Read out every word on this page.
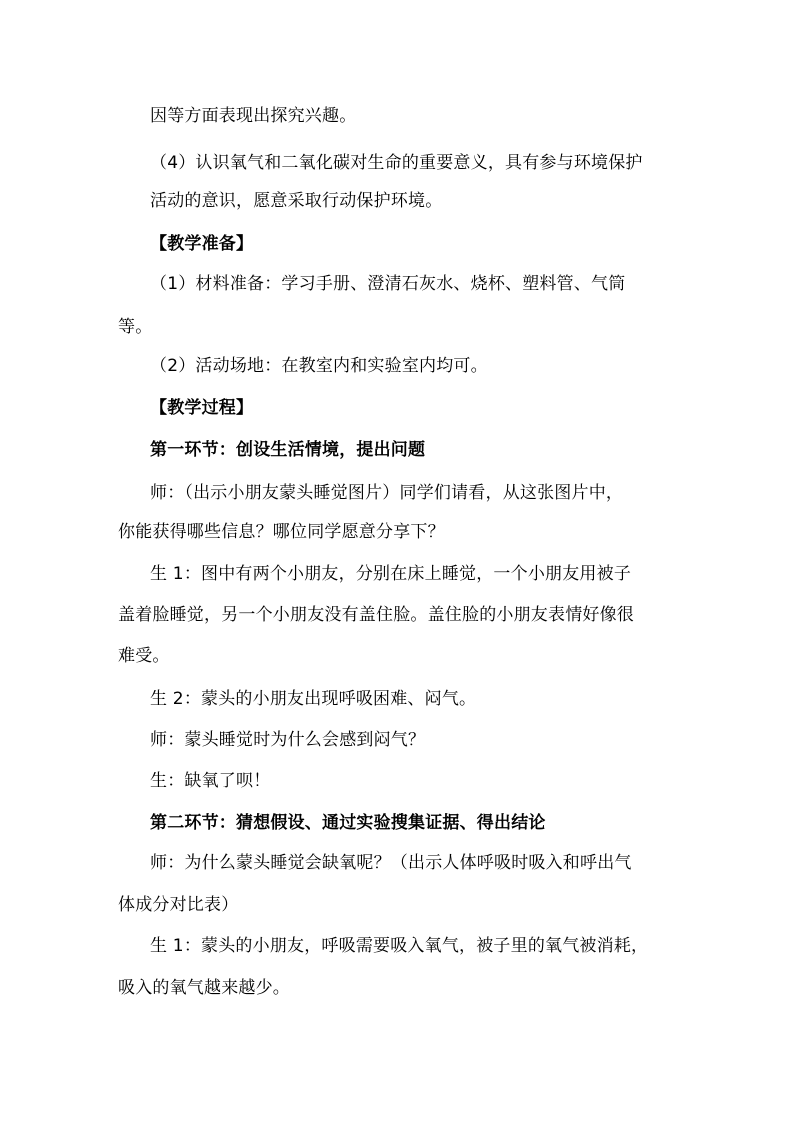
因等方面表现出探究兴趣。
（4）认识氧气和二氧化碳对生命的重要意义，具有参与环境保护
活动的意识，愿意采取行动保护环境。
【教学准备】
（1）材料准备：学习手册、澄清石灰水、烧杯、塑料管、气筒
等。
（2）活动场地：在教室内和实验室内均可。
【教学过程】
第一环节：创设生活情境，提出问题
师：（出示小朋友蒙头睡觉图片）同学们请看，从这张图片中，
你能获得哪些信息？哪位同学愿意分享下？
生 1：图中有两个小朋友，分别在床上睡觉，一个小朋友用被子
盖着脸睡觉，另一个小朋友没有盖住脸。盖住脸的小朋友表情好像很
难受。
生 2：蒙头的小朋友出现呼吸困难、闷气。
师：蒙头睡觉时为什么会感到闷气？
生：缺氧了呗！
第二环节：猜想假设、通过实验搜集证据、得出结论
师：为什么蒙头睡觉会缺氧呢？（出示人体呼吸时吸入和呼出气
体成分对比表）
生 1：蒙头的小朋友，呼吸需要吸入氧气，被子里的氧气被消耗，
吸入的氧气越来越少。
